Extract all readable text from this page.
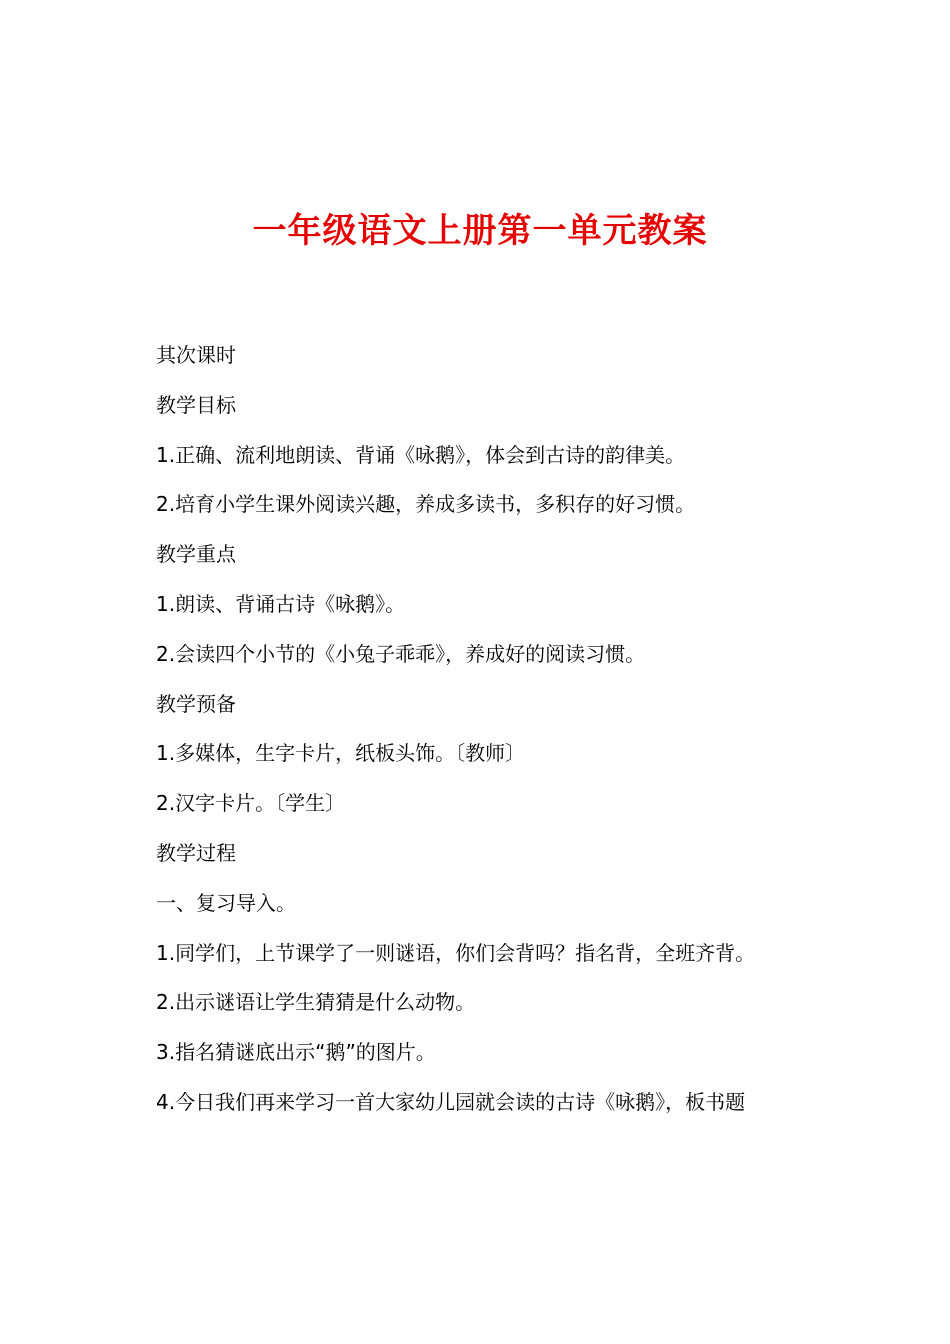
一年级语文上册第一单元教案

其次课时

教学目标

1.正确、流利地朗读、背诵《咏鹅》，体会到古诗的韵律美。

2.培育小学生课外阅读兴趣，养成多读书，多积存的好习惯。

教学重点

1.朗读、背诵古诗《咏鹅》。

2.会读四个小节的《小兔子乖乖》，养成好的阅读习惯。

教学预备

1.多媒体，生字卡片，纸板头饰。〔教师〕

2.汉字卡片。〔学生〕

教学过程

一、复习导入。

1.同学们，上节课学了一则谜语，你们会背吗？指名背，全班齐背。

2.出示谜语让学生猜猜是什么动物。

3.指名猜谜底出示“鹅”的图片。

4.今日我们再来学习一首大家幼儿园就会读的古诗《咏鹅》，板书题
